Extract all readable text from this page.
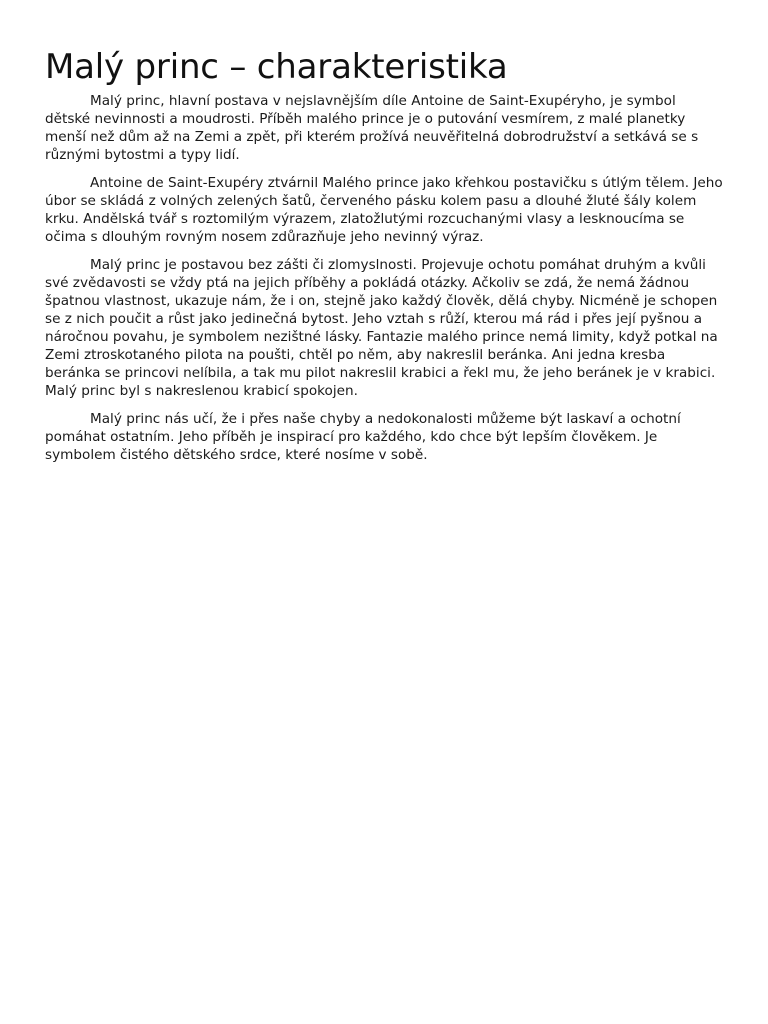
Malý princ – charakteristika

Malý princ, hlavní postava v nejslavnějším díle Antoine de Saint-Exupéryho, je symbol dětské nevinnosti a moudrosti. Příběh malého prince je o putování vesmírem, z malé planetky menší než dům až na Zemi a zpět, při kterém prožívá neuvěřitelná dobrodružství a setkává se s různými bytostmi a typy lidí.

Antoine de Saint-Exupéry ztvárnil Malého prince jako křehkou postavičku s útlým tělem. Jeho úbor se skládá z volných zelených šatů, červeného pásku kolem pasu a dlouhé žluté šály kolem krku. Andělská tvář s roztomilým výrazem, zlatožlutými rozcuchanými vlasy a lesknoucíma se očima s dlouhým rovným nosem zdůrazňuje jeho nevinný výraz.

Malý princ je postavou bez zášti či zlomyslnosti. Projevuje ochotu pomáhat druhým a kvůli své zvědavosti se vždy ptá na jejich příběhy a pokládá otázky. Ačkoliv se zdá, že nemá žádnou špatnou vlastnost, ukazuje nám, že i on, stejně jako každý člověk, dělá chyby. Nicméně je schopen se z nich poučit a růst jako jedinečná bytost. Jeho vztah s růží, kterou má rád i přes její pyšnou a náročnou povahu, je symbolem nezištné lásky. Fantazie malého prince nemá limity, když potkal na Zemi ztroskotaného pilota na poušti, chtěl po něm, aby nakreslil beránka. Ani jedna kresba beránka se princovi nelíbila, a tak mu pilot nakreslil krabici a řekl mu, že jeho beránek je v krabici. Malý princ byl s nakreslenou krabicí spokojen.

Malý princ nás učí, že i přes naše chyby a nedokonalosti můžeme být laskaví a ochotní pomáhat ostatním. Jeho příběh je inspirací pro každého, kdo chce být lepším člověkem. Je symbolem čistého dětského srdce, které nosíme v sobě.
